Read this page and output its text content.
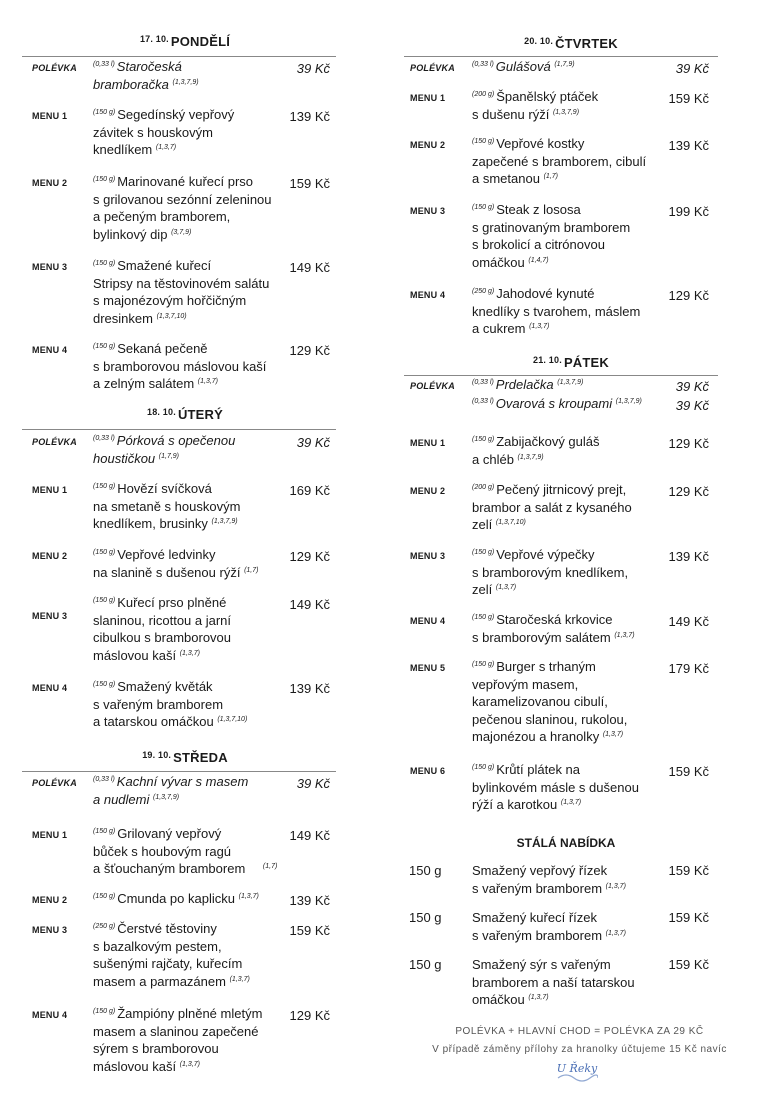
$^{17. 10.}$ PONDĚLÍ
POLÉVKA $^{(0,33 l)}$ Staročeská
bramboračka $^{(1,3,7,9)}$
39 Kč
MENU 1	$^{(150 g)}$ Segedínský vepřový
závitek s houskovým
knedlíkem $^{(1,3,7)}$
139 Kč
MENU 2	$^{(150 g)}$ Marinované kuřecí prso
s grilovanou sezónní zeleninou
a pečeným bramborem,
bylinkový dip $^{(3,7,9)}$
159 Kč
MENU 3	$^{(150 g)}$ Smažené kuřecí
Stripsy na těstovinovém salátu
s majonézovým hořčičným
dresinkem $^{(1,3,7,10)}$
149 Kč
MENU 4	$^{(150 g)}$ Sekaná pečeně
s bramborovou máslovou kaší
a zelným salátem $^{(1,3,7)}$
129 Kč
$^{18. 10.}$ ÚTERÝ
POLÉVKA $^{(0,33 l)}$ Pórková s opečenou
houstičkou $^{(1,7,9)}$
39 Kč
MENU 1	$^{(150 g)}$ Hovězí svíčková
na smetaně s houskovým
knedlíkem, brusinky $^{(1,3,7,9)}$
169 Kč
MENU 2	$^{(150 g)}$ Vepřové ledvinky
na slanině s dušenou rýží $^{(1,7)}$
129 Kč
MENU 3
$^{(150 g)}$ Kuřecí prso plněné
slaninou, ricottou a jarní
cibulkou s bramborovou
máslovou kaší $^{(1,3,7)}$
149 Kč
MENU 4	$^{(150 g)}$ Smažený květák
s vařeným bramborem
a tatarskou omáčkou $^{(1,3,7,10)}$
139 Kč
$^{19. 10.}$ STŘEDA
POLÉVKA $^{(0,33 l)}$ Kachní vývar s masem
a nudlemi $^{(1,3,7,9)}$
39 Kč
MENU 1	$^{(150 g)}$ Grilovaný vepřový
bůček s houbovým ragú
a šťouchaným bramborem	$^{(1,7)}$
149 Kč
MENU 2	$^{(150 g)}$ Cmunda po kaplicku $^{(1,3,7)}$	139 Kč
MENU 3	$^{(250 g)}$ Čerstvé těstoviny
s bazalkovým pestem,
sušenými rajčaty, kuřecím
masem a parmazánem $^{(1,3,7)}$
159 Kč
MENU 4	$^{(150 g)}$ Žampióny plněné mletým
masem a slaninou zapečené
sýrem s bramborovou
máslovou kaší $^{(1,3,7)}$
129 Kč
$^{20. 10.}$ ČTVRTEK
POLÉVKA $^{(0,33 l)}$ Gulášová $^{(1,7,9)}$	39 Kč
MENU 1	$^{(200 g)}$ Španělský ptáček
s dušenu rýží $^{(1,3,7,9)}$
159 Kč
MENU 2	$^{(150 g)}$ Vepřové kostky
zapečené s bramborem, cibulí
a smetanou $^{(1,7)}$
139 Kč
MENU 3	$^{(150 g)}$ Steak z lososa
s gratinovaným bramborem
s brokolicí a citrónovou
omáčkou $^{(1,4,7)}$
199 Kč
MENU 4	$^{(250 g)}$ Jahodové kynuté
knedlíky s tvarohem, máslem
a cukrem $^{(1,3,7)}$
129 Kč
$^{21. 10.}$ PÁTEK
POLÉVKA $^{(0,33 l)}$ Prdelačka $^{(1,3,7,9)}$	39 Kč
$^{(0,33 l)}$ Ovarová s kroupami $^{(1,3,7,9)}$	39 Kč
MENU 1	$^{(150 g)}$ Zabijačkový guláš
a chléb $^{(1,3,7,9)}$
129 Kč
MENU 2	$^{(200 g)}$ Pečený jitrnicový prejt,
brambor a salát z kysaného
zelí $^{(1,3,7,10)}$
129 Kč
MENU 3	$^{(150 g)}$ Vepřové výpečky
s bramborovým knedlíkem,
zelí $^{(1,3,7)}$
139 Kč
MENU 4	$^{(150 g)}$ Staročeská krkovice
s bramborovým salátem $^{(1,3,7)}$
149 Kč
MENU 5	$^{(150 g)}$ Burger s trhaným
vepřovým masem,
karamelizovanou cibulí,
pečenou slaninou, rukolou,
majonézou a hranolky $^{(1,3,7)}$
179 Kč
MENU 6	$^{(150 g)}$ Krůtí plátek na
bylinkovém másle s dušenou
rýží a karotkou $^{(1,3,7)}$
159 Kč
STÁLÁ NABÍDKA
150 g Smažený vepřový řízek
s vařeným bramborem $^{(1,3,7)}$
159 Kč
150 g Smažený kuřecí řízek
s vařeným bramborem $^{(1,3,7)}$
159 Kč
150 g Smažený sýr s vařeným
bramborem a naší tatarskou
omáčkou $^{(1,3,7)}$
159 Kč
POLÉVKA + HLAVNÍ CHOD = POLÉVKA ZA 29 KČ
V případě záměny přílohy za hranolky účtujeme 15 Kč navíc
U Řeky
